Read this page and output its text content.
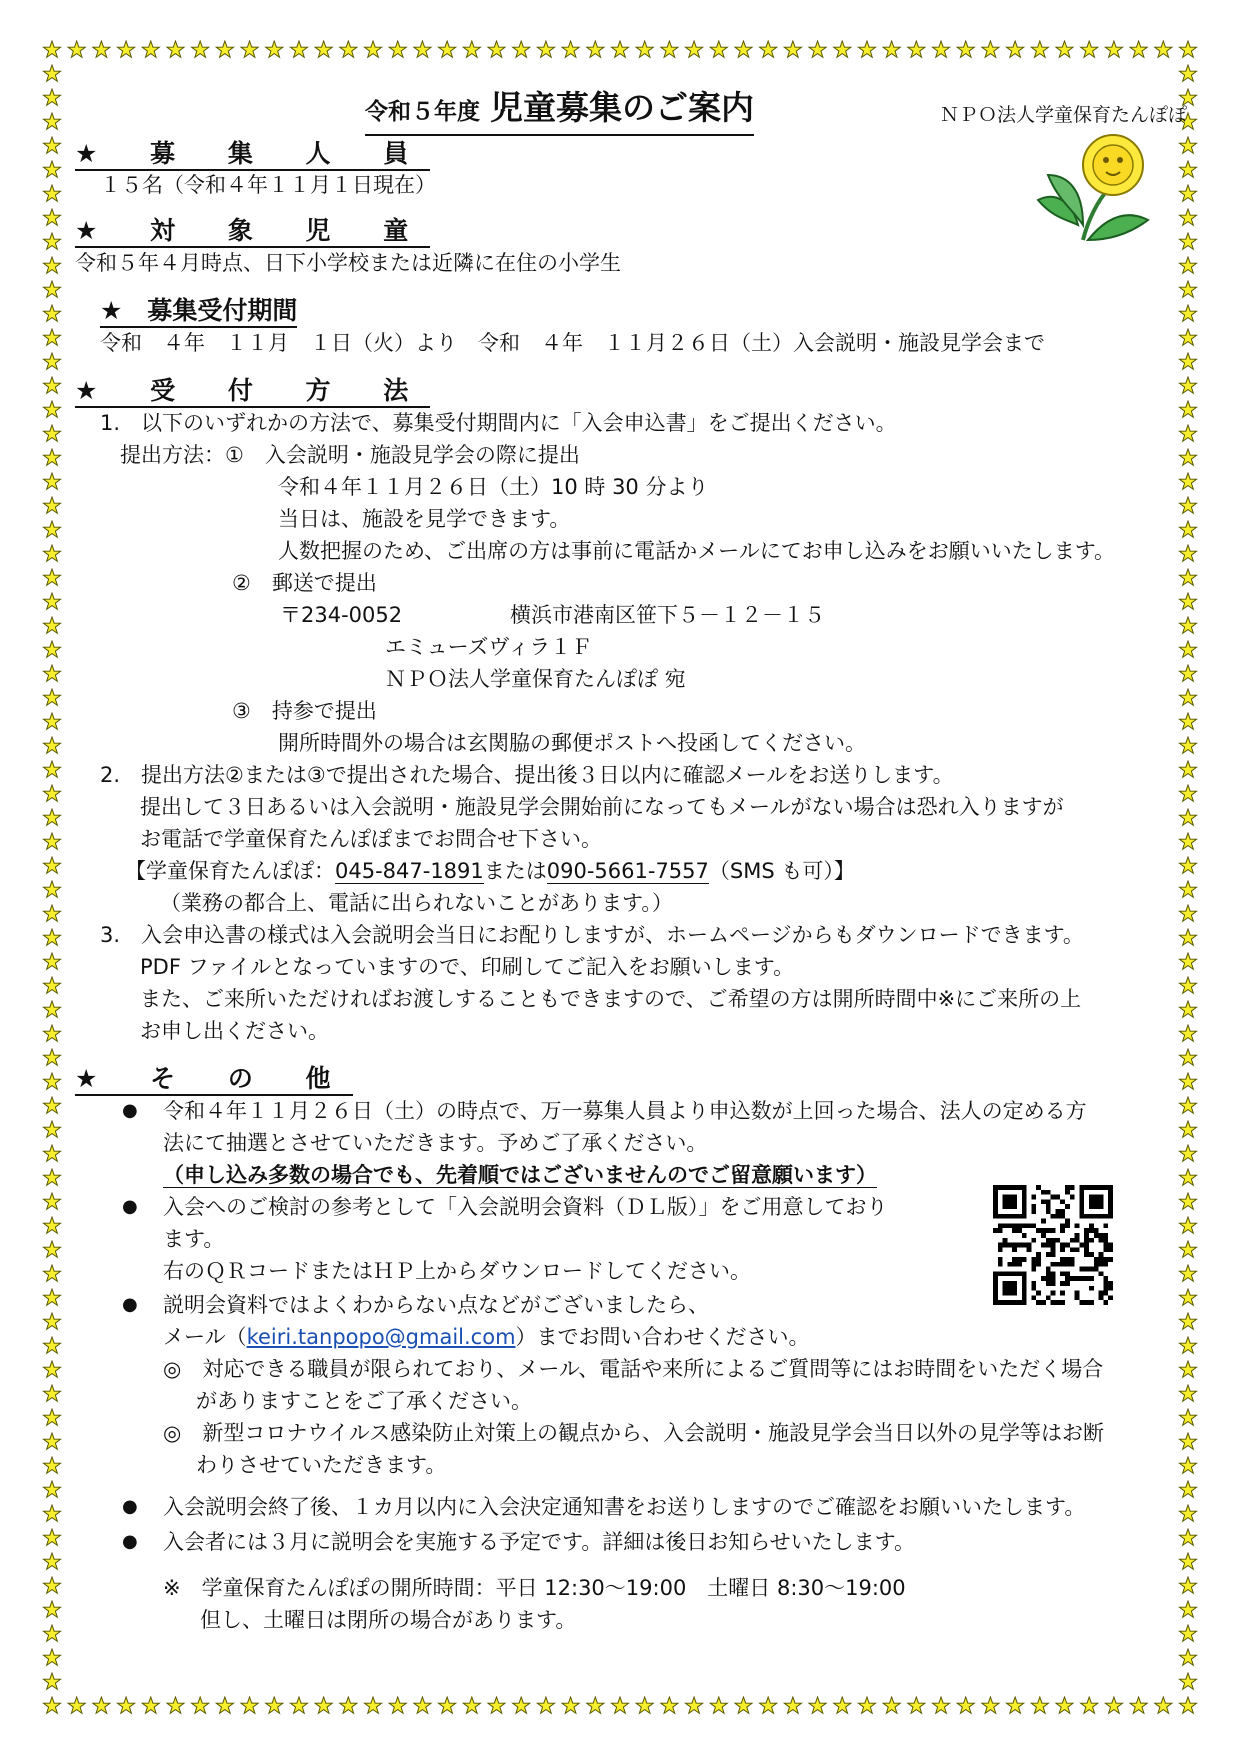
令和５年度 児童募集のご案内	ＮＰＯ法人学童保育たんぽぽ
★ 募 集 人 員
１５名（令和４年１１月１日現在）
★ 対 象 児 童
令和５年４月時点、日下小学校または近隣に在住の小学生
★　募集受付期間
令和　４年　１１月　１日（火）より　令和　４年　１１月２６日（土）入会説明・施設見学会まで
★ 受 付 方 法
1.　以下のいずれかの方法で、募集受付期間内に「入会申込書」をご提出ください。
提出方法：①　入会説明・施設見学会の際に提出
令和４年１１月２６日（土）10 時 30 分より
当日は、施設を見学できます。
人数把握のため、ご出席の方は事前に電話かメールにてお申し込みをお願いいたします。
②　郵送で提出
〒234-0052	横浜市港南区笹下５－１２－１５
エミューズヴィラ１Ｆ
ＮＰＯ法人学童保育たんぽぽ 宛
③　持参で提出
開所時間外の場合は玄関脇の郵便ポストへ投函してください。
2.　提出方法②または③で提出された場合、提出後３日以内に確認メールをお送りします。
提出して３日あるいは入会説明・施設見学会開始前になってもメールがない場合は恐れ入りますが
お電話で学童保育たんぽぽまでお問合せ下さい。
【学童保育たんぽぽ：045-847-1891または090-5661-7557（SMS も可）】
（業務の都合上、電話に出られないことがあります。）
3.　入会申込書の様式は入会説明会当日にお配りしますが、ホームページからもダウンロードできます。
PDF ファイルとなっていますので、印刷してご記入をお願いします。
また、ご来所いただければお渡しすることもできますので、ご希望の方は開所時間中※にご来所の上
お申し出ください。
★ そ の 他
● 令和４年１１月２６日（土）の時点で、万一募集人員より申込数が上回った場合、法人の定める方
法にて抽選とさせていただきます。予めご了承ください。
（申し込み多数の場合でも、先着順ではございませんのでご留意願います）
● 入会へのご検討の参考として「入会説明会資料（ＤＬ版）」をご用意しており
ます。
右のＱＲコードまたはＨＰ上からダウンロードしてください。
● 説明会資料ではよくわからない点などがございましたら、
メール（keiri.tanpopo@gmail.com）までお問い合わせください。
◎　対応できる職員が限られており、メール、電話や来所によるご質問等にはお時間をいただく場合
がありますことをご了承ください。
◎　新型コロナウイルス感染防止対策上の観点から、入会説明・施設見学会当日以外の見学等はお断
わりさせていただきます。
● 入会説明会終了後、１カ月以内に入会決定通知書をお送りしますのでご確認をお願いいたします。
● 入会者には３月に説明会を実施する予定です。詳細は後日お知らせいたします。
※　学童保育たんぽぽの開所時間：平日 12:30～19:00　土曜日 8:30～19:00
但し、土曜日は閉所の場合があります。
